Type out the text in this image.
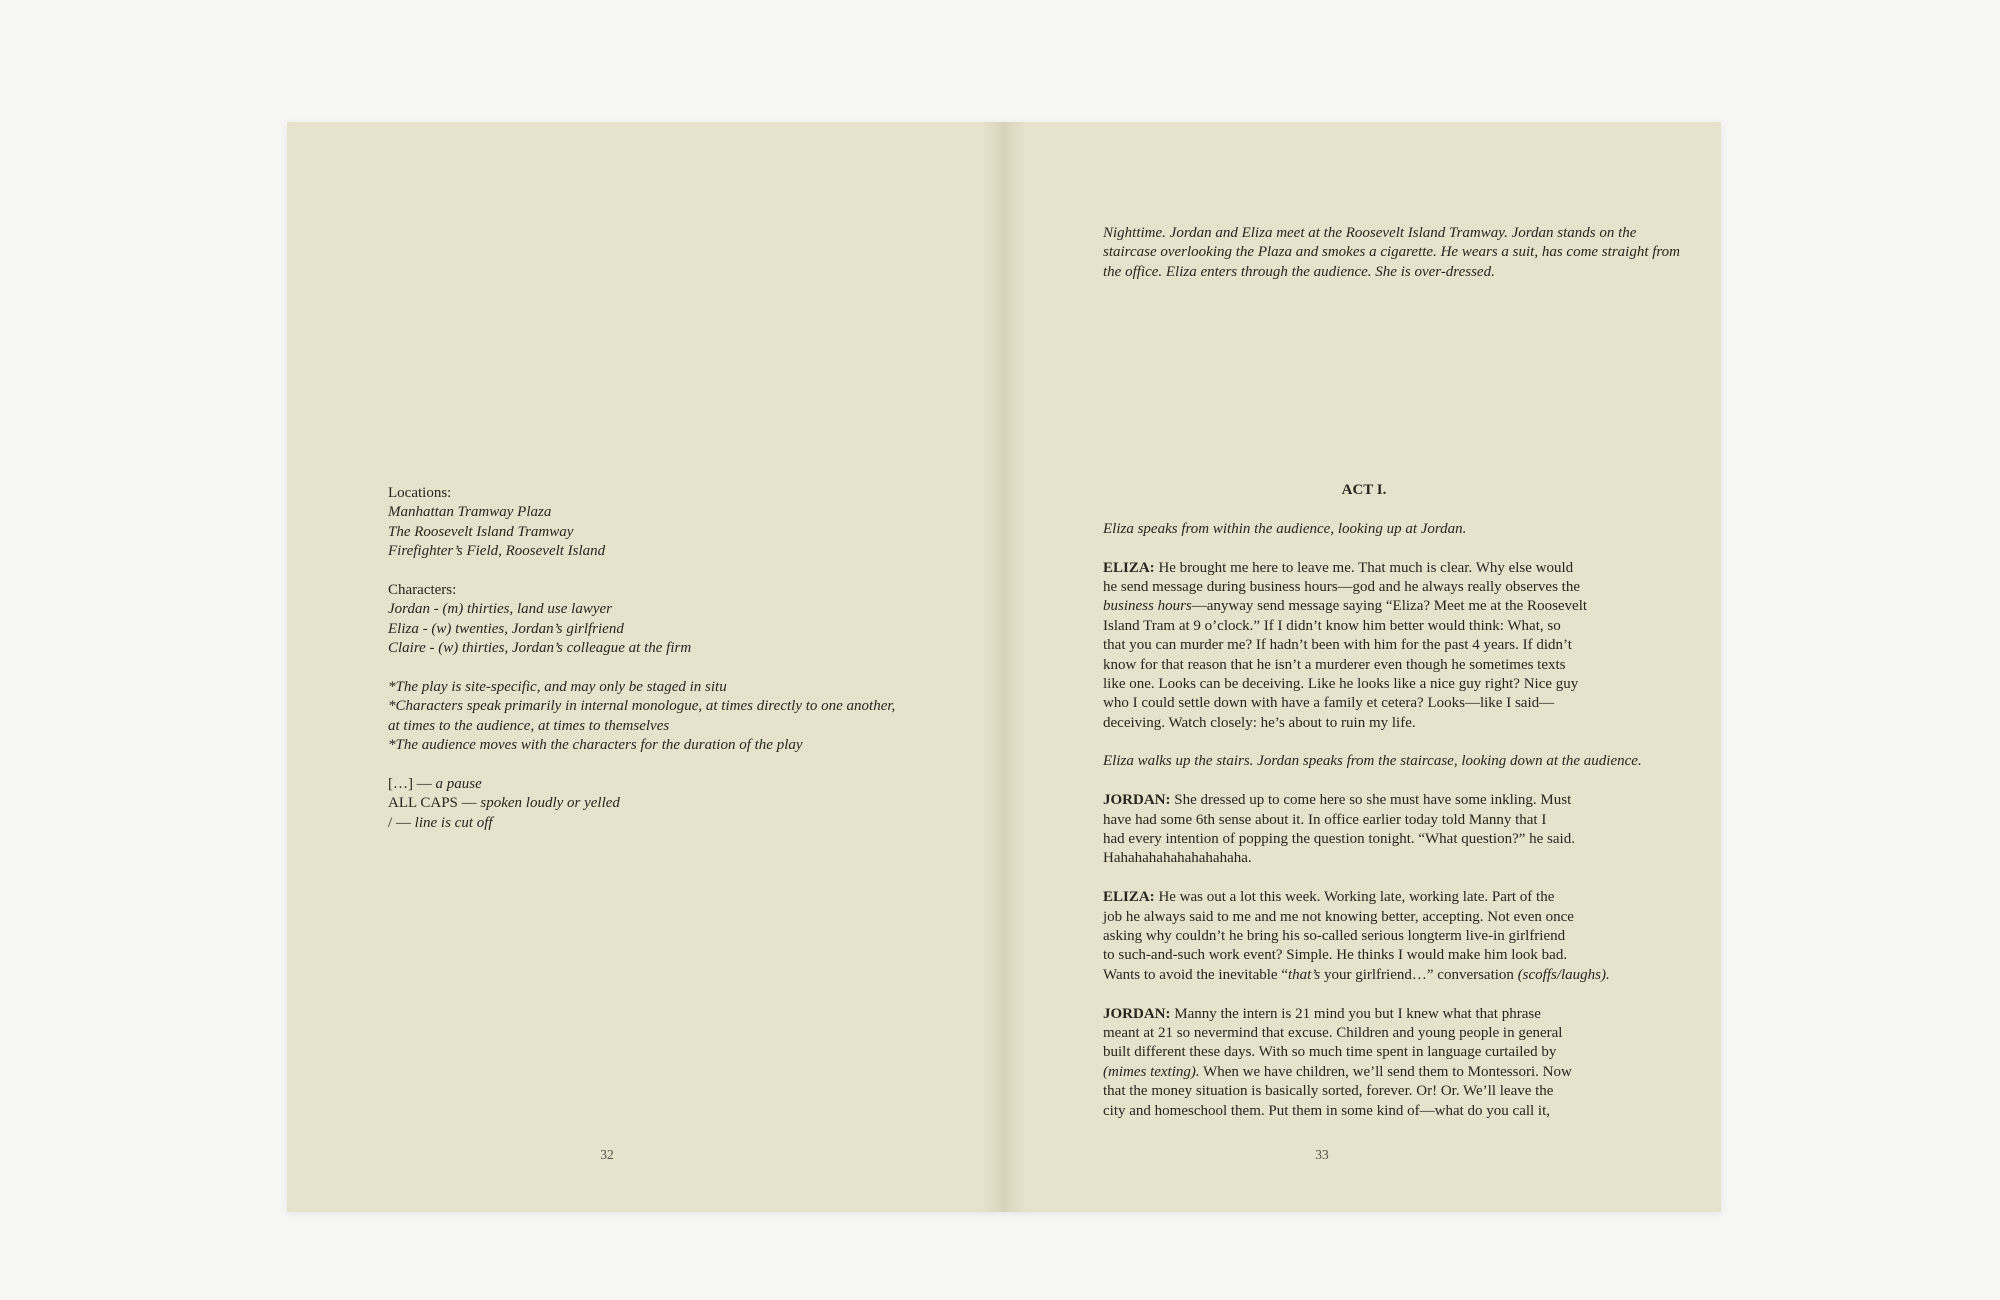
Locations:
Manhattan Tramway Plaza
The Roosevelt Island Tramway
Firefighter’s Field, Roosevelt Island
Characters:
Jordan - (m) thirties, land use lawyer
Eliza - (w) twenties, Jordan’s girlfriend
Claire - (w) thirties, Jordan’s colleague at the firm
*The play is site-specific, and may only be staged in situ
*Characters speak primarily in internal monologue, at times directly to one another,
at times to the audience, at times to themselves
*The audience moves with the characters for the duration of the play
[…] — a pause
ALL CAPS — spoken loudly or yelled
/ — line is cut off
Nighttime. Jordan and Eliza meet at the Roosevelt Island Tramway. Jordan stands on the
staircase overlooking the Plaza and smokes a cigarette. He wears a suit, has come straight from
the office. Eliza enters through the audience. She is over-dressed.
ACT I.
Eliza speaks from within the audience, looking up at Jordan.
ELIZA: He brought me here to leave me. That much is clear. Why else would
he send message during business hours—god and he always really observes the
business hours—anyway send message saying “Eliza? Meet me at the Roosevelt
Island Tram at 9 o’clock.” If I didn’t know him better would think: What, so
that you can murder me? If hadn’t been with him for the past 4 years. If didn’t
know for that reason that he isn’t a murderer even though he sometimes texts
like one. Looks can be deceiving. Like he looks like a nice guy right? Nice guy
who I could settle down with have a family et cetera? Looks—like I said—
deceiving. Watch closely: he’s about to ruin my life.
Eliza walks up the stairs. Jordan speaks from the staircase, looking down at the audience.
JORDAN: She dressed up to come here so she must have some inkling. Must
have had some 6th sense about it. In office earlier today told Manny that I
had every intention of popping the question tonight. “What question?” he said.
Hahahahahahahahahaha.
ELIZA: He was out a lot this week. Working late, working late. Part of the
job he always said to me and me not knowing better, accepting. Not even once
asking why couldn’t he bring his so-called serious longterm live-in girlfriend
to such-and-such work event? Simple. He thinks I would make him look bad.
Wants to avoid the inevitable “that’s your girlfriend…” conversation (scoffs/laughs).
JORDAN: Manny the intern is 21 mind you but I knew what that phrase
meant at 21 so nevermind that excuse. Children and young people in general
built different these days. With so much time spent in language curtailed by
(mimes texting). When we have children, we’ll send them to Montessori. Now
that the money situation is basically sorted, forever. Or! Or. We’ll leave the
city and homeschool them. Put them in some kind of—what do you call it,
32	33
